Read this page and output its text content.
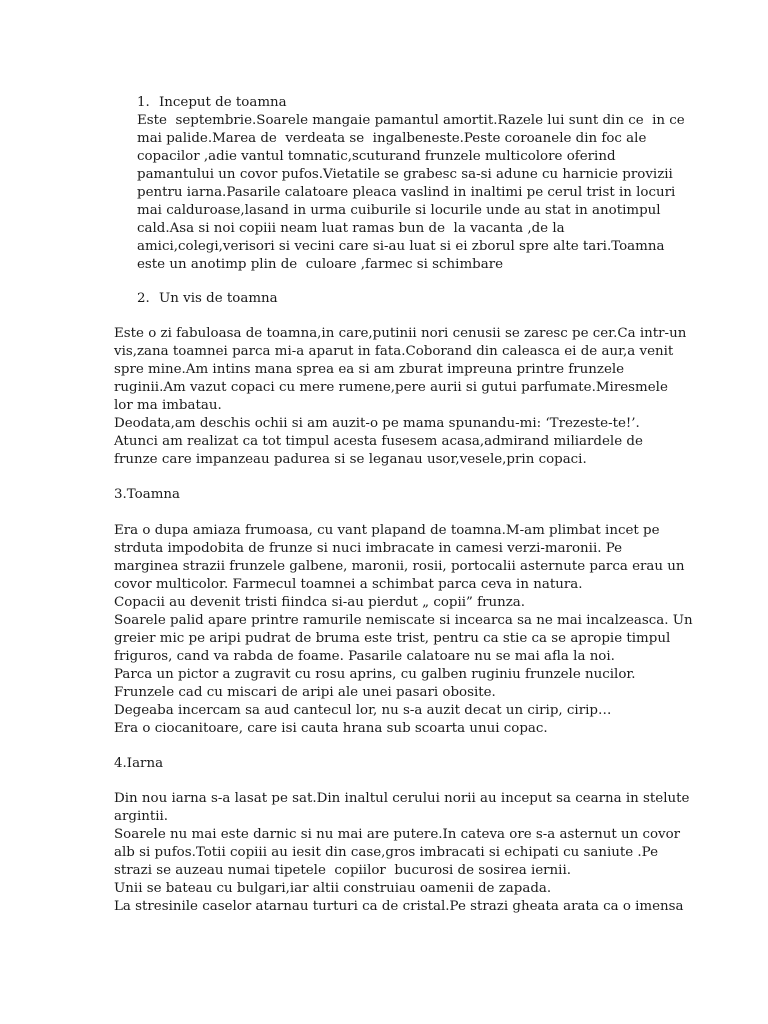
1. Inceput de toamna
Este  septembrie.Soarele mangaie pamantul amortit.Razele lui sunt din ce  in ce
mai palide.Marea de  verdeata se  ingalbeneste.Peste coroanele din foc ale
copacilor ,adie vantul tomnatic,scuturand frunzele multicolore oferind
pamantului un covor pufos.Vietatile se grabesc sa-si adune cu harnicie provizii
pentru iarna.Pasarile calatoare pleaca vaslind in inaltimi pe cerul trist in locuri
mai calduroase,lasand in urma cuiburile si locurile unde au stat in anotimpul
cald.Asa si noi copiii neam luat ramas bun de  la vacanta ,de la
amici,colegi,verisori si vecini care si-au luat si ei zborul spre alte tari.Toamna
este un anotimp plin de  culoare ,farmec si schimbare
2. Un vis de toamna
Este o zi fabuloasa de toamna,in care,putinii nori cenusii se zaresc pe cer.Ca intr-un
vis,zana toamnei parca mi-a aparut in fata.Coborand din caleasca ei de aur,a venit
spre mine.Am intins mana sprea ea si am zburat impreuna printre frunzele
ruginii.Am vazut copaci cu mere rumene,pere aurii si gutui parfumate.Miresmele
lor ma imbatau.
Deodata,am deschis ochii si am auzit-o pe mama spunandu-mi: ‘Trezeste-te!’.
Atunci am realizat ca tot timpul acesta fusesem acasa,admirand miliardele de
frunze care impanzeau padurea si se leganau usor,vesele,prin copaci.
3.Toamna
Era o dupa amiaza frumoasa, cu vant plapand de toamna.M-am plimbat incet pe
strduta impodobita de frunze si nuci imbracate in camesi verzi-maronii. Pe
marginea strazii frunzele galbene, maronii, rosii, portocalii asternute parca erau un
covor multicolor. Farmecul toamnei a schimbat parca ceva in natura.
Copacii au devenit tristi fiindca si-au pierdut „ copii” frunza.
Soarele palid apare printre ramurile nemiscate si incearca sa ne mai incalzeasca. Un
greier mic pe aripi pudrat de bruma este trist, pentru ca stie ca se apropie timpul
friguros, cand va rabda de foame. Pasarile calatoare nu se mai afla la noi.
Parca un pictor a zugravit cu rosu aprins, cu galben ruginiu frunzele nucilor.
Frunzele cad cu miscari de aripi ale unei pasari obosite.
Degeaba incercam sa aud cantecul lor, nu s-a auzit decat un cirip, cirip…
Era o ciocanitoare, care isi cauta hrana sub scoarta unui copac.
4.Iarna
Din nou iarna s-a lasat pe sat.Din inaltul cerului norii au inceput sa cearna in stelute
argintii.
Soarele nu mai este darnic si nu mai are putere.In cateva ore s-a asternut un covor
alb si pufos.Totii copiii au iesit din case,gros imbracati si echipati cu saniute .Pe
strazi se auzeau numai tipetele  copiilor  bucurosi de sosirea iernii.
Unii se bateau cu bulgari,iar altii construiau oamenii de zapada.
La stresinile caselor atarnau turturi ca de cristal.Pe strazi gheata arata ca o imensa
